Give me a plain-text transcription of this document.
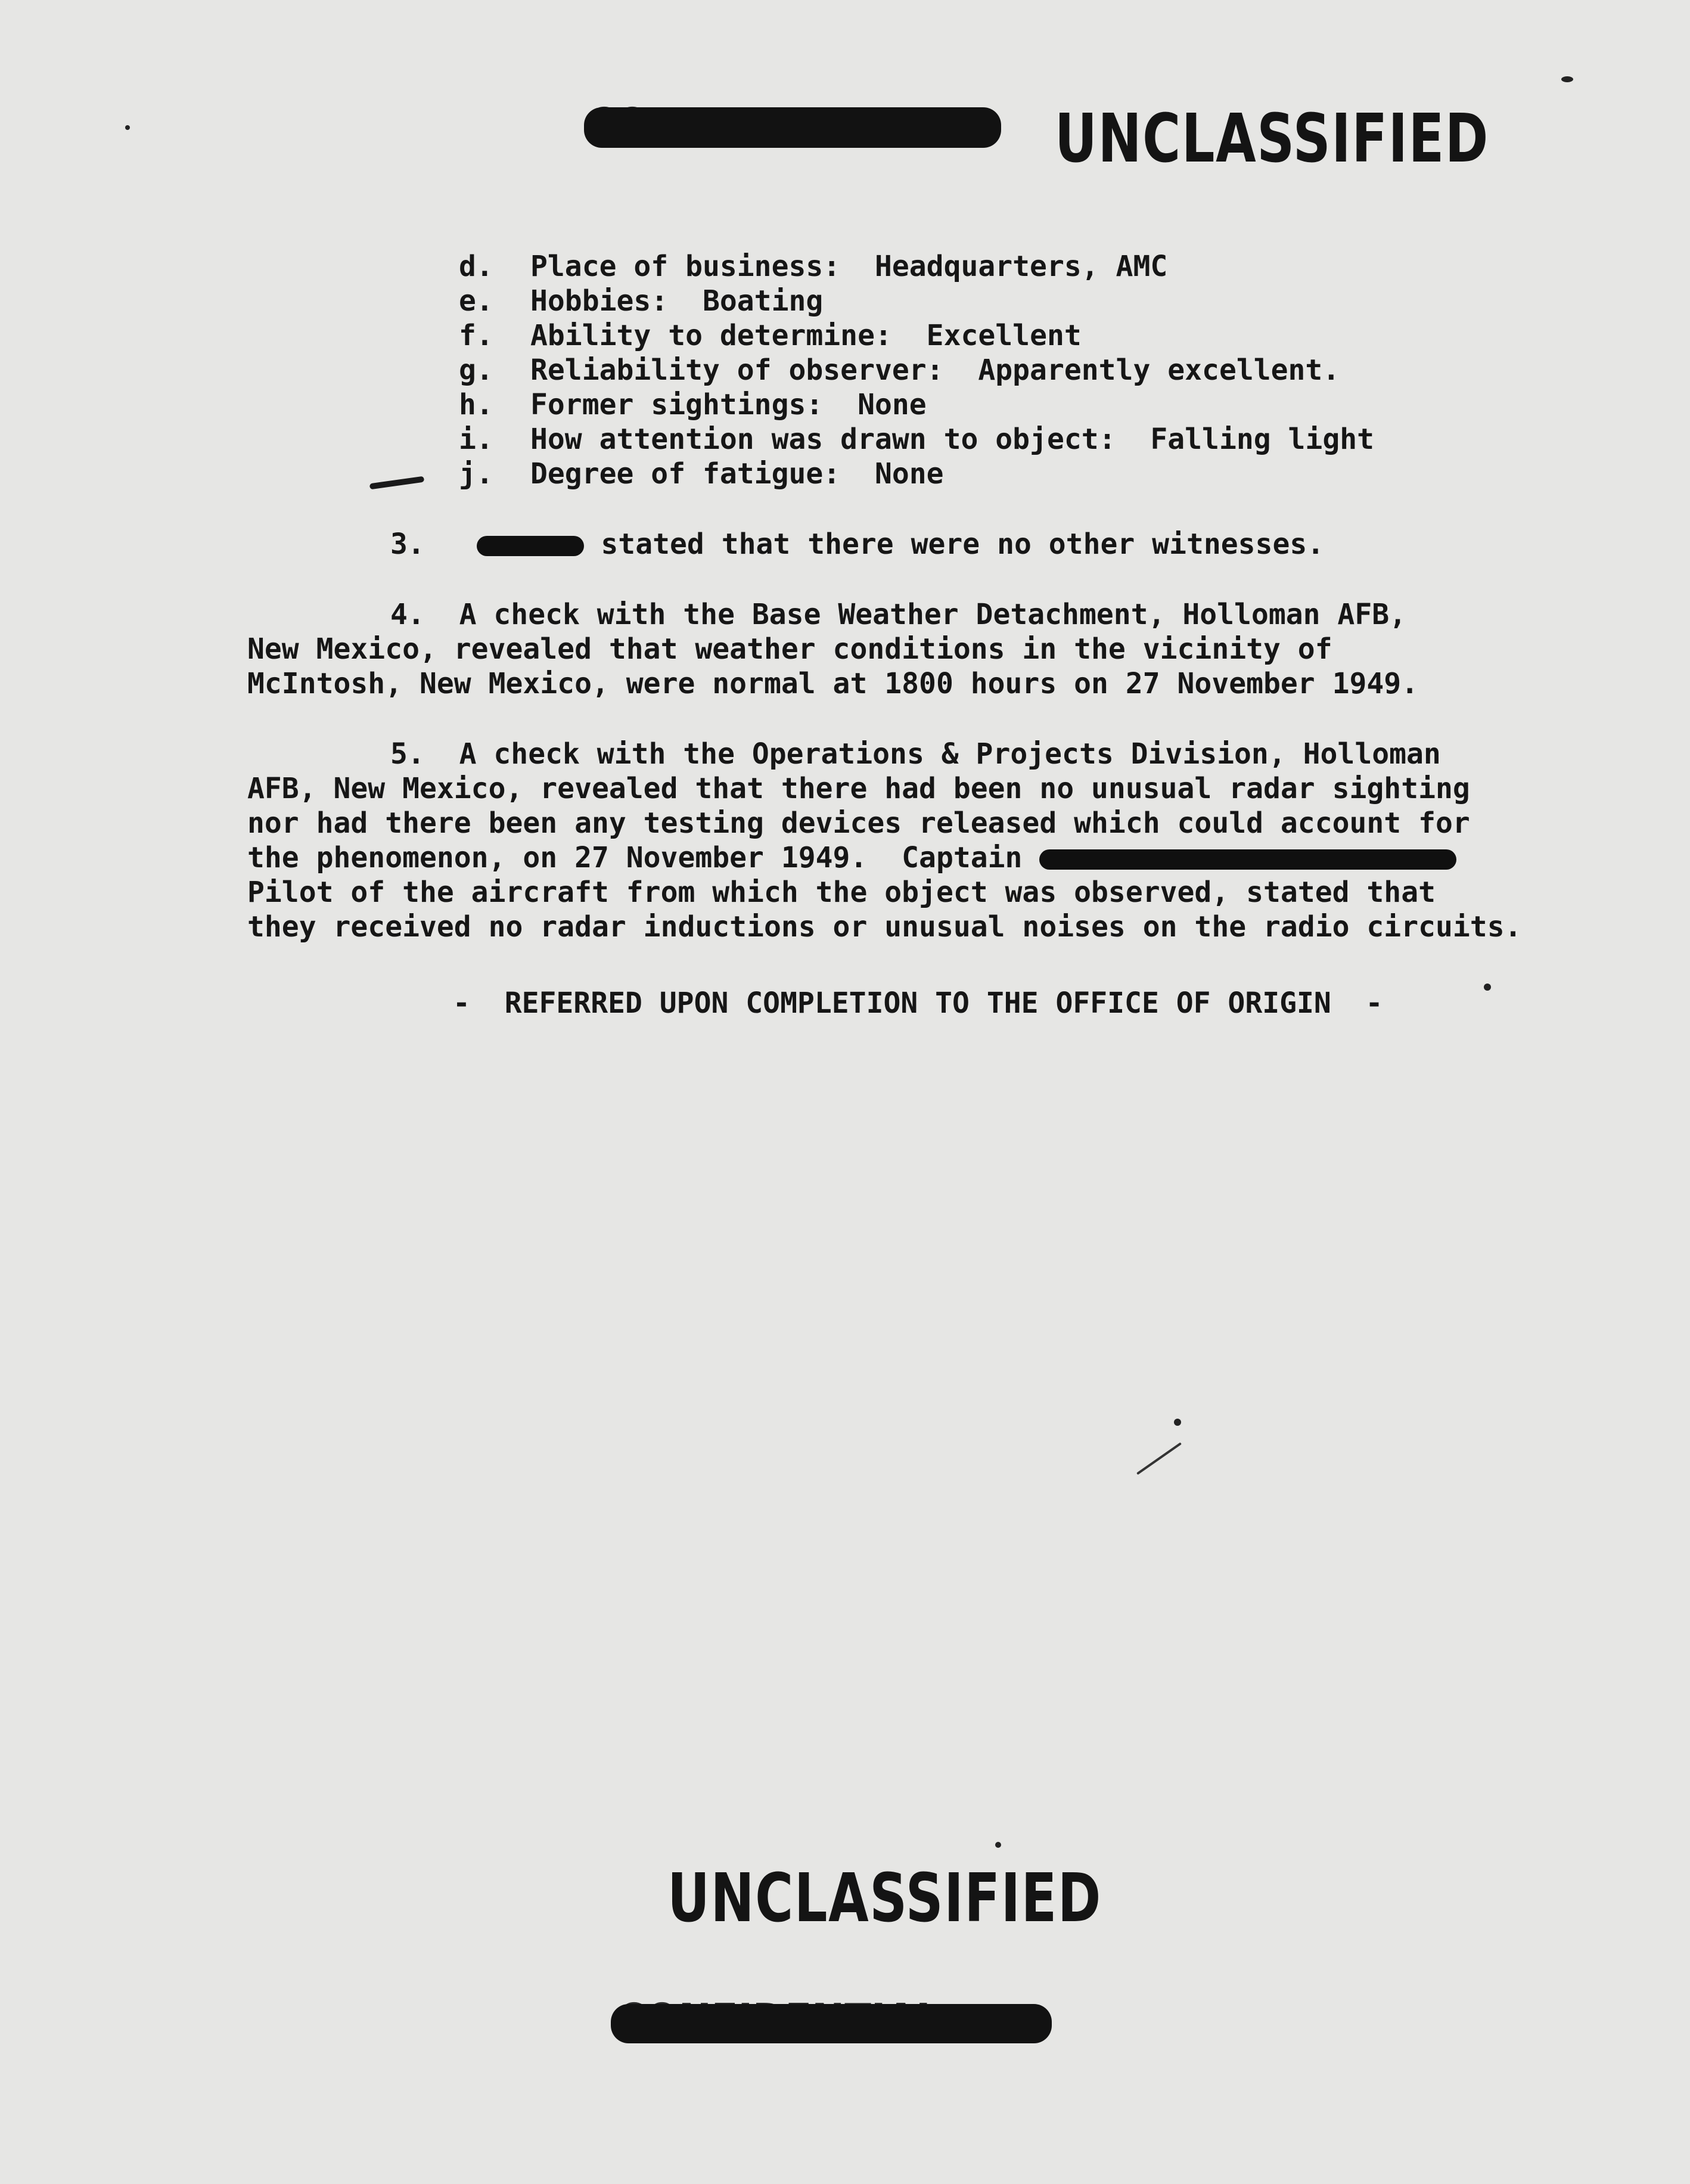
UNCLASSIFIED
d. Place of business: Headquarters, AMC
e. Hobbies: Boating
f. Ability to determine: Excellent
g. Reliability of observer: Apparently excellent.
h. Former sightings: None
i. How attention was drawn to object: Falling light
j. Degree of fatigue: None
3.	stated that there were no other witnesses.
4. A check with the Base Weather Detachment, Holloman AFB,
New Mexico, revealed that weather conditions in the vicinity of
McIntosh, New Mexico, were normal at 1800 hours on 27 November 1949.
5. A check with the Operations & Projects Division, Holloman
AFB, New Mexico, revealed that there had been no unusual radar sighting
nor had there been any testing devices released which could account for
the phenomenon, on 27 November 1949.  Captain
Pilot of the aircraft from which the object was observed, stated that
they received no radar inductions or unusual noises on the radio circuits.
-  REFERRED UPON COMPLETION TO THE OFFICE OF ORIGIN  -
UNCLASSIFIED
